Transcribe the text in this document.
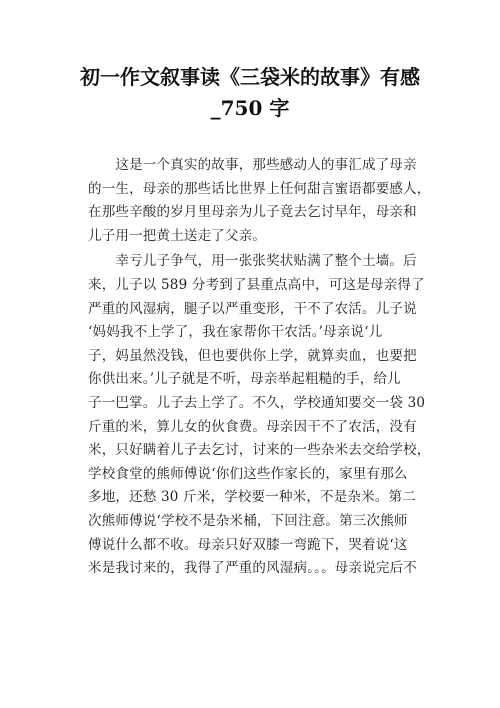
初一作文叙事读《三袋米的故事》有感
_750 字

　　这是一个真实的故事，那些感动人的事汇成了母亲
的一生，母亲的那些话比世界上任何甜言蜜语都要感人，
在那些辛酸的岁月里母亲为儿子竟去乞讨早年，母亲和
儿子用一把黄土送走了父亲。

　　幸亏儿子争气，用一张张奖状贴满了整个土墙。后
来，儿子以 589 分考到了县重点高中，可这是母亲得了
严重的风湿病，腿子以严重变形，干不了农活。儿子说
‘妈妈我不上学了，我在家帮你干农活。’母亲说‘儿
子，妈虽然没钱，但也要供你上学，就算卖血，也要把
你供出来。’儿子就是不听，母亲举起粗糙的手，给儿
子一巴掌。儿子去上学了。不久，学校通知要交一袋 30
斤重的米，算儿女的伙食费。母亲因干不了农活，没有
米，只好瞒着儿子去乞讨，讨来的一些杂米去交给学校，
学校食堂的熊师傅说‘你们这些作家长的，家里有那么
多地，还愁 30 斤米，学校要一种米，不是杂米。第二
次熊师傅说‘学校不是杂米桶，下回注意。第三次熊师
傅说什么都不收。母亲只好双膝一弯跪下，哭着说‘这
米是我讨来的，我得了严重的风湿病。。。母亲说完后不
